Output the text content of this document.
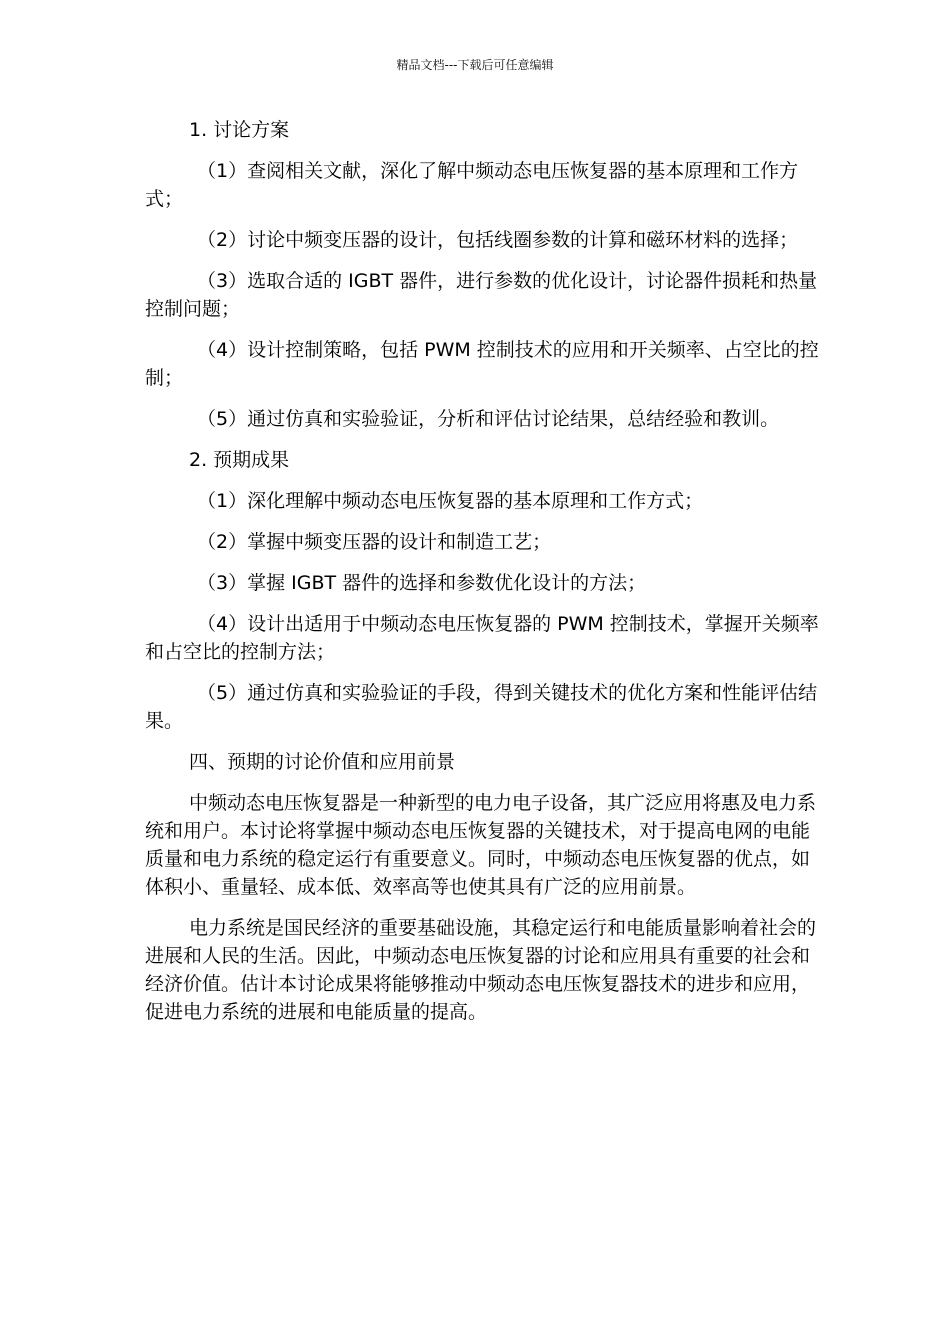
精品文档---下载后可任意编辑

1. 讨论方案

（1）查阅相关文献，深化了解中频动态电压恢复器的基本原理和工作方式；

（2）讨论中频变压器的设计，包括线圈参数的计算和磁环材料的选择；

（3）选取合适的 IGBT 器件，进行参数的优化设计，讨论器件损耗和热量控制问题；

（4）设计控制策略，包括 PWM 控制技术的应用和开关频率、占空比的控制；

（5）通过仿真和实验验证，分析和评估讨论结果，总结经验和教训。

2. 预期成果

（1）深化理解中频动态电压恢复器的基本原理和工作方式；

（2）掌握中频变压器的设计和制造工艺；

（3）掌握 IGBT 器件的选择和参数优化设计的方法；

（4）设计出适用于中频动态电压恢复器的 PWM 控制技术，掌握开关频率和占空比的控制方法；

（5）通过仿真和实验验证的手段，得到关键技术的优化方案和性能评估结果。

四、预期的讨论价值和应用前景

中频动态电压恢复器是一种新型的电力电子设备，其广泛应用将惠及电力系统和用户。本讨论将掌握中频动态电压恢复器的关键技术，对于提高电网的电能质量和电力系统的稳定运行有重要意义。同时，中频动态电压恢复器的优点，如体积小、重量轻、成本低、效率高等也使其具有广泛的应用前景。

电力系统是国民经济的重要基础设施，其稳定运行和电能质量影响着社会的进展和人民的生活。因此，中频动态电压恢复器的讨论和应用具有重要的社会和经济价值。估计本讨论成果将能够推动中频动态电压恢复器技术的进步和应用，促进电力系统的进展和电能质量的提高。
